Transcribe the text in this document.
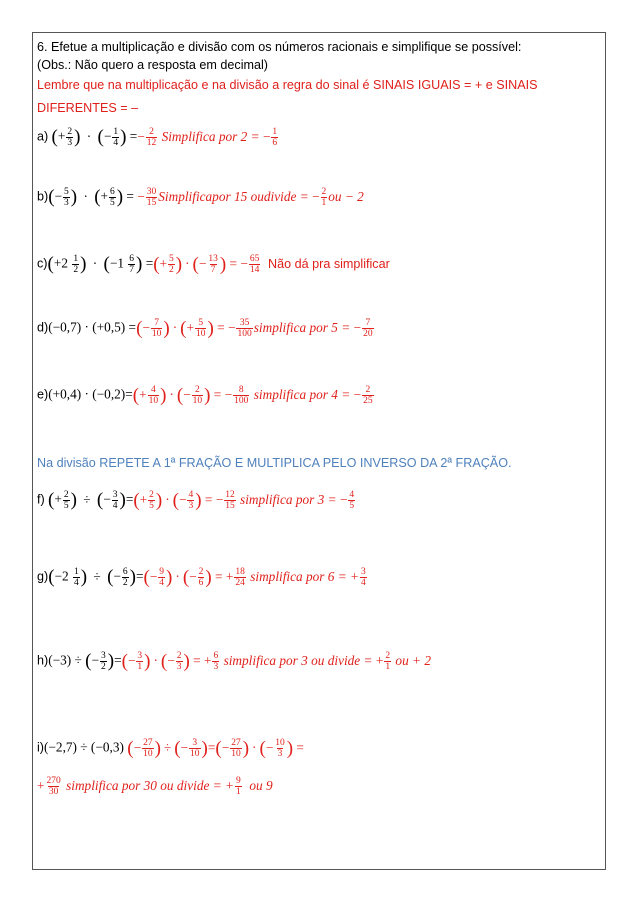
6. Efetue a multiplicação e divisão com os números racionais e simplifique se possível:
(Obs.: Não quero a resposta em decimal)
Lembre que na multiplicação e na divisão a regra do sinal é SINAIS IGUAIS = + e SINAIS
DIFERENTES = –
a) (+ $\frac{2}{3}$ ) · (− $\frac{1}{4}$ ) =− $\frac{2}{12}$ Simplifica por 2 = − $\frac{1}{6}$
$b)(- \frac{5}{3}$ ) · (+ $\frac{6}{5}$ ) = − $\frac{30}{15}$ Simplificapor 15 oudivide = − $\frac{2}{1}$ ou − 2
$c)(+2 \frac{1}{2}$ ) · ($-1 \frac{6}{7}$ ) =(+ $\frac{5}{2}$ ) · (− $\frac{13}{7}$ ) = − $\frac{65}{14}$ Não dá pra simplificar
d)(−0,7) · (+0,5) =(− $\frac{7}{10}$ ) · (+ $\frac{5}{10}$ ) = − $\frac{35}{100}$ simplifica por 5 = − $\frac{7}{20}$
$e)(+0,4) \cdot (-0,2)=(+ \frac{4}{10}$ ) · (− $\frac{2}{10}$ ) = − $\frac{8}{100}$ simplifica por 4 = − $\frac{2}{25}$
Na divisão REPETE A 1ª FRAÇÃO E MULTIPLICA PELO INVERSO DA 2ª FRAÇÃO.
f) (+ $\frac{2}{5}$ ) ÷ (− $\frac{3}{4}$ )=(+ $\frac{2}{5}$ ) · (− $\frac{4}{3}$ ) = − $\frac{12}{15}$ simplifica por 3 = − $\frac{4}{5}$
$g)(-2 \frac{1}{4}$ ) ÷ (− $\frac{6}{2}$ )=(− $\frac{9}{4}$ ) · (− $\frac{2}{6}$ ) = + $\frac{18}{24}$ simplifica por 6 = + $\frac{3}{4}$
h)(−3) ÷ (− $\frac{3}{2}$ )=(− $\frac{3}{1}$ ) · (− $\frac{2}{3}$ ) = + $\frac{6}{3}$ simplifica por 3 ou divide = + $\frac{2}{1}$ ou + 2
i)(−2,7) ÷ (−0,3) (− $\frac{27}{10}$ ) ÷ (− $\frac{3}{10}$ )=(− $\frac{27}{10}$ ) · (− $\frac{10}{3}$ ) =
+ $\frac{270}{30}$ simplifica por 30 ou divide = + $\frac{9}{1}$ ou 9
